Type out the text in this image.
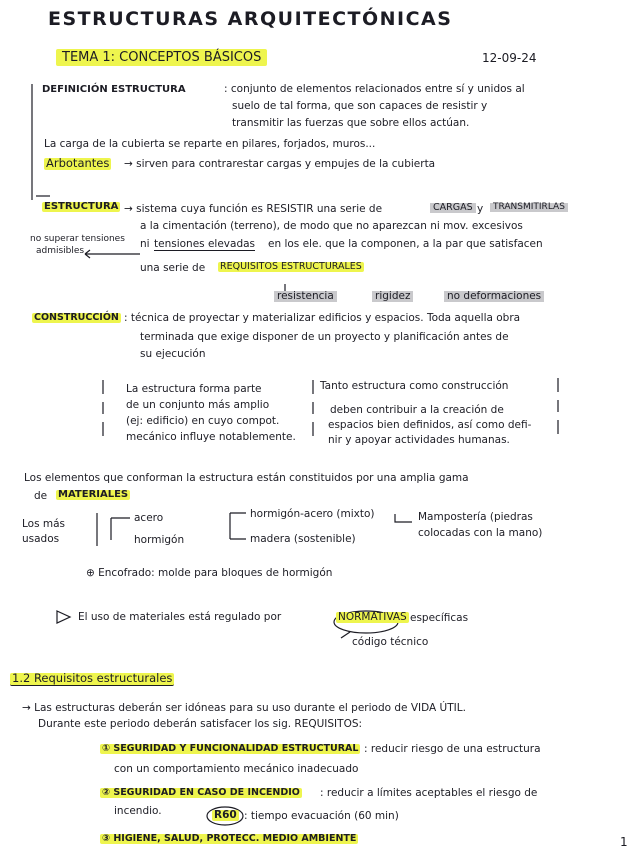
ESTRUCTURAS ARQUITECTÓNICAS
TEMA 1: CONCEPTOS BÁSICOS	12-09-24
DEFINICIÓN ESTRUCTURA	: conjunto de elementos relacionados entre sí y unidos al
suelo de tal forma, que son capaces de resistir y
transmitir las fuerzas que sobre ellos actúan.
La carga de la cubierta se reparte en pilares, forjados, muros...
Arbotantes → sirven para contrarestar cargas y empujes de la cubierta
ESTRUCTURA → sistema cuya función es RESISTIR una serie de	CARGAS y	TRANSMITIRLAS
a la cimentación (terreno), de modo que no aparezcan ni mov. excesivos
no superar tensiones
admisibles
ni tensiones elevadas en los ele. que la componen, a la par que satisfacen
una serie de REQUISITOS ESTRUCTURALES
resistencia	rigidez	no deformaciones
CONSTRUCCIÓN : técnica de proyectar y materializar edificios y espacios. Toda aquella obra
terminada que exige disponer de un proyecto y planificación antes de
su ejecución
La estructura forma parte
de un conjunto más amplio
(ej: edificio) en cuyo compot.
mecánico influye notablemente.
Tanto estructura como construcción
deben contribuir a la creación de
espacios bien definidos, así como defi-
nir y apoyar actividades humanas.
Los elementos que conforman la estructura están constituidos por una amplia gama
de MATERIALES
Los más
usados
acero
hormigón
hormigón-acero (mixto)
madera (sostenible)
Mampostería (piedras
colocadas con la mano)
⊕ Encofrado: molde para bloques de hormigón
El uso de materiales está regulado por	NORMATIVAS específicas
código técnico
1.2 Requisitos estructurales
→ Las estructuras deberán ser idóneas para su uso durante el periodo de VIDA ÚTIL.
Durante este periodo deberán satisfacer los sig. REQUISITOS:
① SEGURIDAD Y FUNCIONALIDAD ESTRUCTURAL : reducir riesgo de una estructura
con un comportamiento mecánico inadecuado
② SEGURIDAD EN CASO DE INCENDIO : reducir a límites aceptables el riesgo de
incendio.	R60 : tiempo evacuación (60 min)
③ HIGIENE, SALUD, PROTECC. MEDIO AMBIENTE	1
